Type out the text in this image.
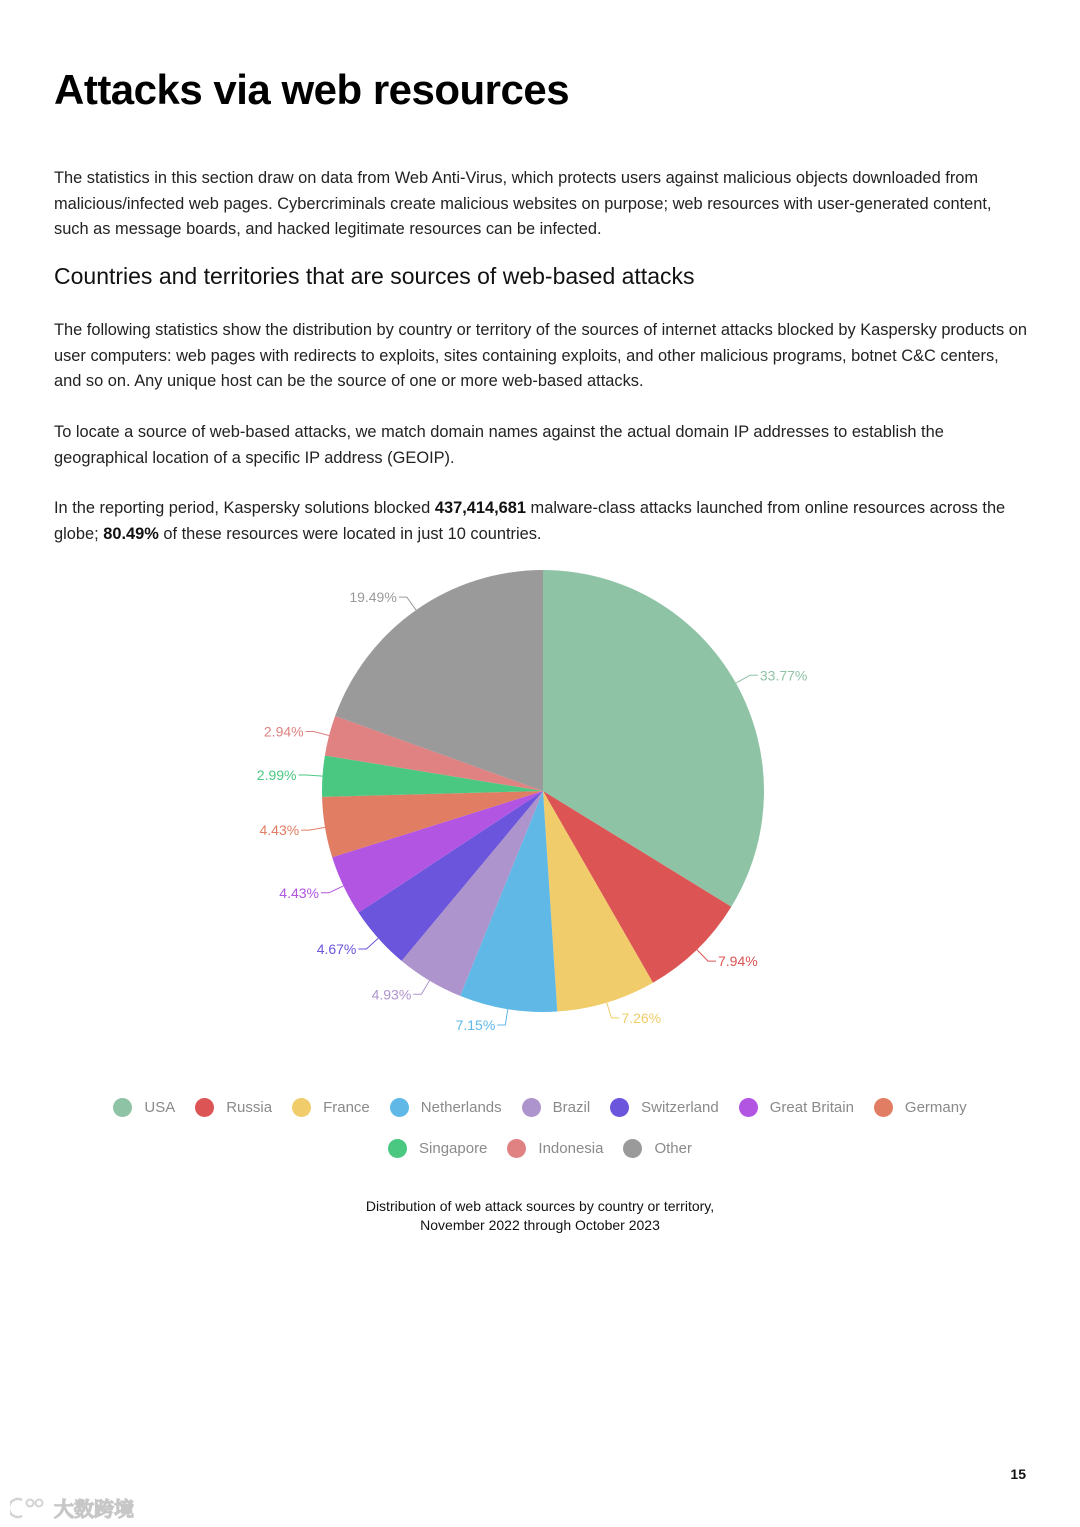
Attacks via web resources

The statistics in this section draw on data from Web Anti-Virus, which protects users against malicious objects downloaded from malicious/infected web pages. Cybercriminals create malicious websites on purpose; web resources with user-generated content, such as message boards, and hacked legitimate resources can be infected.

Countries and territories that are sources of web-based attacks

The following statistics show the distribution by country or territory of the sources of internet attacks blocked by Kaspersky products on user computers: web pages with redirects to exploits, sites containing exploits, and other malicious programs, botnet C&C centers, and so on. Any unique host can be the source of one or more web-based attacks.

To locate a source of web-based attacks, we match domain names against the actual domain IP addresses to establish the geographical location of a specific IP address (GEOIP).

In the reporting period, Kaspersky solutions blocked 437,414,681 malware-class attacks launched from online resources across the globe; 80.49% of these resources were located in just 10 countries.

33.77%
7.94%
7.26%
7.15%
4.93%
4.67%
4.43%
4.43%
2.99%
2.94%
19.49%
USA	Russia	France	Netherlands	Brazil	Switzerland	Great Britain	Germany
Singapore	Indonesia	Other
Distribution of web attack sources by country or territory,
November 2022 through October 2023
15
大数跨境
